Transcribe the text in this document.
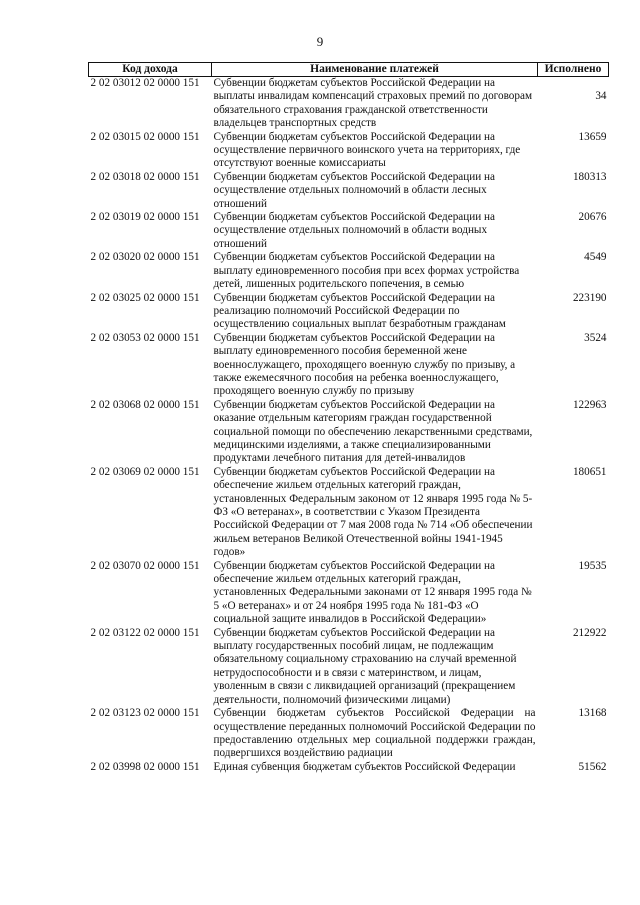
9
Код дохода	Наименование платежей	Исполнено
2 02 03012 02 0000 151	Субвенции бюджетам субъектов Российской Федерации на выплаты инвалидам компенсаций страховых премий по договорам обязательного страхования гражданской ответственности владельцев транспортных средств	34
2 02 03015 02 0000 151	Субвенции бюджетам субъектов Российской Федерации на осуществление первичного воинского учета на территориях, где отсутствуют военные комиссариаты	13659
2 02 03018 02 0000 151	Субвенции бюджетам субъектов Российской Федерации на осуществление отдельных полномочий в области лесных отношений	180313
2 02 03019 02 0000 151	Субвенции бюджетам субъектов Российской Федерации на осуществление отдельных полномочий в области водных отношений	20676
2 02 03020 02 0000 151	Субвенции бюджетам субъектов Российской Федерации на выплату единовременного пособия при всех формах устройства детей, лишенных родительского попечения, в семью	4549
2 02 03025 02 0000 151	Субвенции бюджетам субъектов Российской Федерации на реализацию полномочий Российской Федерации по осуществлению социальных выплат безработным гражданам	223190
2 02 03053 02 0000 151	Субвенции бюджетам субъектов Российской Федерации на выплату единовременного пособия беременной жене военнослужащего, проходящего военную службу по призыву, а также ежемесячного пособия на ребенка военнослужащего, проходящего военную службу по призыву	3524
2 02 03068 02 0000 151	Субвенции бюджетам субъектов Российской Федерации на оказание отдельным категориям граждан государственной социальной помощи по обеспечению лекарственными средствами, медицинскими изделиями, а также специализированными продуктами лечебного питания для детей-инвалидов	122963
2 02 03069 02 0000 151	Субвенции бюджетам субъектов Российской Федерации на обеспечение жильем отдельных категорий граждан, установленных Федеральным законом от 12 января 1995 года № 5-ФЗ «О ветеранах», в соответствии с Указом Президента Российской Федерации от 7 мая 2008 года № 714 «Об обеспечении жильем ветеранов Великой Отечественной войны 1941-1945 годов»	180651
2 02 03070 02 0000 151	Субвенции бюджетам субъектов Российской Федерации на обеспечение жильем отдельных категорий граждан, установленных Федеральными законами от 12 января 1995 года № 5 «О ветеранах» и от 24 ноября 1995 года № 181-ФЗ «О социальной защите инвалидов в Российской Федерации»	19535
2 02 03122 02 0000 151	Субвенции бюджетам субъектов Российской Федерации на выплату государственных пособий лицам, не подлежащим обязательному социальному страхованию на случай временной нетрудоспособности и в связи с материнством, и лицам, уволенным в связи с ликвидацией организаций (прекращением деятельности, полномочий физическими лицами)	212922
2 02 03123 02 0000 151	Субвенции бюджетам субъектов Российской Федерации на осуществление переданных полномочий Российской Федерации по предоставлению отдельных мер социальной поддержки граждан, подвергшихся воздействию радиации	13168
2 02 03998 02 0000 151	Единая субвенция бюджетам субъектов Российской Федерации	51562
